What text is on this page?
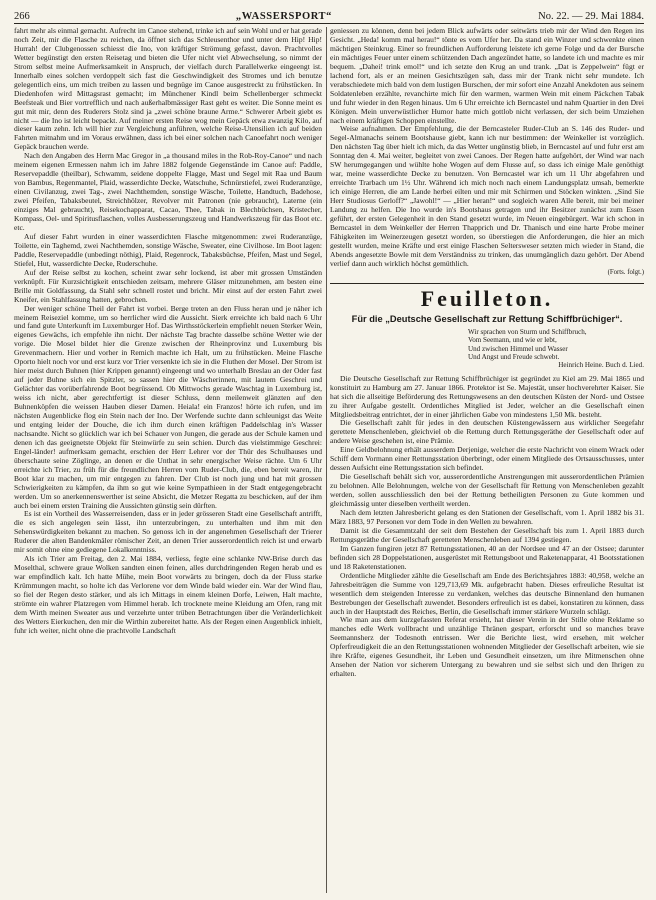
266	„WASSERSPORT“	No. 22. — 29. Mai 1884.

fahrt mehr als einmal gemacht. Aufrecht im Canoe stehend, trinke ich auf sein Wohl und er hat gerade noch Zeit, mir die Flasche zu reichen, da öffnet sich das Schleusenthor und unter dem Hip! Hip! Hurrah! der Clubgenossen schiesst die Ino, von kräftiger Strömung gefasst, davon. Prachtvolles Wetter begünstigt den ersten Reisetag und bieten die Ufer nicht viel Abwechselung, so nimmt der Strom selbst meine Aufmerksamkeit in Anspruch, der vielfach durch Parallelwerke eingeengt ist. Innerhalb eines solchen verdoppelt sich fast die Geschwindigkeit des Stromes und ich benutze gelegentlich eins, um mich treiben zu lassen und begnüge im Canoe ausgestreckt zu frühstücken. In Diedenhofen wird Mittagsrast gemacht; im Münchener Kindl beim Schellenberger schmeckt Beefsteak und Bier vortrefflich und nach außerhalbmässiger Rast geht es weiter. Die Sonne meint es gut mit mir, denn des Ruderers Stolz sind ja „zwei schöne braune Arme.“ Schwerer Arbeit giebt es nicht — die Ino ist leicht bepackt. Auf meiner ersten Reise wog mein Gepäck etwa zwanzig Kilo, auf dieser kaum zehn. Ich will hier zur Vergleichung anführen, welche Reise-Utensilien ich auf beiden Fahrten mitnahm und im Voraus erwähnen, dass ich bei einer solchen nach Canoefahrt noch weniger Gepäck brauchen werde.

Nach den Angaben des Herrn Mac Gregor in „a thousand miles in the Rob-Roy-Canoe“ und nach meinem eigenen Ermessen nahm ich im Jahre 1882 folgende Gegenstände im Canoe auf: Paddle, Reservepaddle (theilbar), Schwamm, seidene doppelte Flagge, Mast und Segel mit Raa und Baum von Bambus, Regenmantel, Plaid, wasserdichte Decke, Watschuhe, Schnürstiefel, zwei Ruderanzüge, einen Civilanzug, zwei Tag-, zwei Nachthemden, sonstige Wäsche, Toilette, Handtuch, Badehose, zwei Pfeifen, Tabaksbeutel, Streichhölzer, Revolver mit Patronen (nie gebraucht), Laterne (ein einziges Mal gebraucht), Reisekochapparat, Cacao, Thee, Tabak in Blechbüchsen, Kristecher, Kompass, Oel- und Spiritusflaschen, volles Ausbesserungszeug und Handwerkszeug für das Boot etc. etc.

Auf dieser Fahrt wurden in einer wasserdichten Flasche mitgenommen: zwei Ruderanzüge, Toilette, ein Taghemd, zwei Nachthemden, sonstige Wäsche, Sweater, eine Civilhose. Im Boot lagen: Paddle, Reservepaddle (unbedingt nöthig), Plaid, Regenrock, Tabaksbüchse, Pfeifen, Mast und Segel, Stiefel, Hut, wasserdichte Decke, Ruderschuhe.

Auf der Reise selbst zu kochen, scheint zwar sehr lockend, ist aber mit grossen Umständen verknüpft. Für Kurzsichtigkeit entschieden zeitsam, mehrere Gläser mitzunehmen, am besten eine Brille mit Goldfassung, da Stahl sehr schnell rostet und bricht. Mir einst auf der ersten Fahrt zwei Kneifer, ein Stahlfassung hatten, gebrochen.

Der weniger schöne Theil der Fahrt ist vorbei. Berge treten an den Fluss heran und je näher ich meinem Reiseziel komme, um so herrlicher wird die Aussicht. Sierk erreichte ich bald nach 6 Uhr und fand gute Unterkunft im Luxemburger Hof. Das Wirthsstöckerlein empfiehlt neuen Sterker Wein, eigenes Gewächs, ich empfehle ihn nicht. Der nächste Tag brachte dasselbe schöne Wetter wie der vorige. Die Mosel bildet hier die Grenze zwischen der Rheinprovinz und Luxemburg bis Grevenmachern. Hier und vorher in Remich machte ich Halt, um zu frühstücken. Meine Flasche Oporto hielt noch vor und erst kurz vor Trier versenkte ich sie in die Fluthen der Mosel. Der Strom ist hier meist durch Buhnen (hier Krippen genannt) eingeengt und wo unterhalb Breslau an der Oder fast auf jeder Buhne sich ein Spitzler, so sassen hier die Wäscherinnen, mit lautem Geschrei und Gelächter das vorüberfahrende Boot begrüssend. Ob Mittwochs gerade Waschtag in Luxemburg ist, weiss ich nicht, aber gerechtfertigt ist dieser Schluss, denn meilenweit glänzten auf den Buhnenköpfen die weissen Hauben dieser Damen. Heiala! ein Franzos! hörte ich rufen, und im nächsten Augenblicke flog ein Stein nach der Ino. Der Werfende suchte dann schleunigst das Weite und entging leider der Douche, die ich ihm durch einen kräftigen Paddelschlag in's Wasser nachsandte. Nicht so glücklich war ich bei Schauer von Jungen, die gerade aus der Schule kamen und denen ich das geeignetste Objekt für Steinwürfe zu sein schien. Durch das vielstimmige Geschrei: Engel-länder! aufmerksam gemacht, erschien der Herr Lehrer vor der Thür des Schulhauses und überschaute seine Zöglinge, an denen er die Unthat in sehr energischer Weise rächte. Um 6 Uhr erreichte ich Trier, zu früh für die freundlichen Herren vom Ruder-Club, die, eben bereit waren, ihr Boot klar zu machen, um mir entgegen zu fahren. Der Club ist noch jung und hat mit grossen Schwierigkeiten zu kämpfen, da ihm so gut wie keine Sympathieen in der Stadt entgegengebracht werden. Um so anerkennenswerther ist seine Absicht, die Metzer Regatta zu beschicken, auf der ihm auch bei einem ersten Training die Aussichten günstig sein dürften.

Es ist ein Vortheil des Wasserreisenden, dass er in jeder grösseren Stadt eine Gesellschaft antrifft, die es sich angelegen sein lässt, ihn unterzubringen, zu unterhalten und ihm mit den Sehenswürdigkeiten bekannt zu machen. So genoss ich in der angenehmen Gesellschaft der Trierer Ruderer die alten Bandenkmäler römischer Zeit, an denen Trier ausserordentlich reich ist und erwarb mir somit ohne eine gediegene Lokalkenntniss.

Als ich Trier am Freitag, den 2. Mai 1884, verliess, fegte eine schlanke NW-Brise durch das Moselthal, schwere graue Wolken sandten einen feinen, alles durchdringenden Regen herab und es war empfindlich kalt. Ich hatte Mühe, mein Boot vorwärts zu bringen, doch da der Fluss starke Krümmungen macht, so holte ich das Verlorene vor dem Winde bald wieder ein. War der Wind flau, so fiel der Regen desto stärker, und als ich Mittags in einem kleinen Dorfe, Leiwen, Halt machte, strömte ein wahrer Platzregen vom Himmel herab. Ich trocknete meine Kleidung am Ofen, rang mit dem Wirth meinen Sweater aus und verzehrte unter trüben Betrachtungen über die Veränderlichkeit des Wetters Eierkuchen, den mir die Wirthin zubereitet hatte. Als der Regen einen Augenblick inhielt, fuhr ich weiter, nicht ohne die prachtvolle Landschaft

geniessen zu können, denn bei jedem Blick aufwärts oder seitwärts trieb mir der Wind den Regen ins Gesicht. „Heda! komm mal herau!“ tönte es vom Ufer her. Da stand ein Winzer und schwenkte einen mächtigen Steinkrug. Einer so freundlichen Aufforderung leistete ich gerne Folge und da der Bursche ein mächtiges Feuer unter einem schützenden Dach angezündet hatte, so landete ich und machte es mir bequem. „Dahei! trink emol!“ und ich setzte den Krug an und trank. „Dat is Zeppelwein“ fügt er lachend fort, als er an meinen Gesichtszügen sah, dass mir der Trank nicht sehr mundete. Ich verabschiedete mich bald von dem lustigen Burschen, der mir sofort eine Anzahl Anekdoten aus seinem Soldatenleben erzählte, revanchirte mich für den warmen, warmen Wein mit einem Päckchen Tabak und fuhr wieder in den Regen hinaus. Um 6 Uhr erreichte ich Berncastel und nahm Quartier in den Drei Königen. Mein unverwüstlicher Humor hatte mich gottlob nicht verlassen, der sich beim Umziehen nach einem kräftigen Schoppen einstellte.

Weise aufnahmen. Der Empfehlung, die der Berncasteler Ruder-Club an S. 146 des Ruder- und Segel-Almanachs seinem Bootshause giebt, kann ich nur bestimmen: der Weinkeller ist vorzüglich. Den nächsten Tag über hielt ich mich, da das Wetter ungünstig blieb, in Berncastel auf und fuhr erst am Sonntag den 4. Mai weiter, begleitet von zwei Canoes. Der Regen hatte aufgehört, der Wind war nach SW herumgegangen und wühlte hohe Wogen auf dem Flusse auf, so dass ich einige Male genöthigt war, meine wasserdichte Decke zu benutzen. Von Berncastel war ich um 11 Uhr abgefahren und erreichte Trarbach um 1½ Uhr. Während ich mich noch nach einem Landungsplatz umsah, bemerkte ich einige Herren, die am Lande herbei eilten und mir mit Schirmen und Stöcken winkten. „Sind Sie Herr Studiosus Gerloff?“ „Jawohl!“ — „Hier heran!“ und sogleich waren Alle bereit, mir bei meiner Landung zu helfen. Die Ino wurde in's Bootshaus getragen und ihr Besitzer zunächst zum Essen geführt, der ersten Gelegenheit in den Stand gesetzt wurde, im Neuen eingebürgert. War ich schon in Berncastel in dem Weinkeller der Herren Thapprich und Dr. Thanisch und eine harte Probe meiner Fähigkeiten im Weinerzeugen gesetzt worden, so überstiegen die Anforderungen, die hier an mich gestellt wurden, meine Kräfte und erst einige Flaschen Seltersweser setzten mich wieder in Stand, die Abends angesetzte Bowle mit dem Verständniss zu trinken, das unumgänglich dazu gehört. Der Abend verlief dann auch wirklich höchst gemüthlich.

(Forts. folgt.)
Feuilleton.
Für die „Deutsche Gesellschaft zur Rettung Schiffbrüchiger“.
Wir sprachen von Sturm und Schiffbruch,
Vom Seemann, und wie er lebt,
Und zwischen Himmel und Wasser
Und Angst und Freude schwebt.
Heinrich Heine. Buch d. Lied.

Die Deutsche Gesellschaft zur Rettung Schiffbrüchiger ist gegründet zu Kiel am 29. Mai 1865 und konstituirt zu Hamburg am 27. Januar 1866. Protektor ist Se. Majestät, unser hochverehrter Kaiser. Sie hat sich die allseitige Beförderung des Rettungswesens an den deutschen Küsten der Nord- und Ostsee zu ihrer Aufgabe gestellt. Ordentliches Mitglied ist Jeder, welcher an die Gesellschaft einen Mitgliedsbeitrag entrichtet, der in einer jährlichen Gabe von mindestens 1,50 Mk. besteht.

Die Gesellschaft zahlt für jedes in den deutschen Küstengewässern aus wirklicher Seegefahr gerettete Menschenleben, gleichviel ob die Rettung durch Rettungsgeräthe der Gesellschaft oder auf andere Weise geschehen ist, eine Prämie.

Eine Geldbelohnung erhält ausserdem Derjenige, welcher die erste Nachricht von einem Wrack oder Schiff dem Vormann einer Rettungsstation überbringt, oder einem Mitgliede des Ortsausschusses, unter dessen Aufsicht eine Rettungsstation sich befindet.

Die Gesellschaft behält sich vor, ausserordentliche Anstrengungen mit ausserordentlichen Prämien zu belohnen. Alle Belohnungen, welche von der Gesellschaft für Rettung von Menschenleben gezahlt werden, sollen ausschliesslich den bei der Rettung betheiligten Personen zu Gute kommen und gleichmässig unter dieselben vertheilt werden.

Nach dem letzten Jahresbericht gelang es den Stationen der Gesellschaft, vom 1. April 1882 bis 31. März 1883, 97 Personen vor dem Tode in den Wellen zu bewahren.

Damit ist die Gesammtzahl der seit dem Bestehen der Gesellschaft bis zum 1. April 1883 durch Rettungsgeräthe der Gesellschaft geretteten Menschenleben auf 1394 gestiegen.

Im Ganzen fungiren jetzt 87 Rettungsstationen, 40 an der Nordsee und 47 an der Ostsee; darunter befinden sich 28 Doppelstationen, ausgerüstet mit Rettungsboot und Raketenapparat, 41 Bootsstationen und 18 Raketenstationen.

Ordentliche Mitglieder zählte die Gesellschaft am Ende des Berichtsjahres 1883: 40,958, welche an Jahresbeiträgen die Summe von 129,713,69 Mk. aufgebracht haben. Dieses erfreuliche Resultat ist wesentlich dem steigenden Interesse zu verdanken, welches das deutsche Binnenland den humanen Bestrebungen der Gesellschaft zuwendet. Besonders erfreulich ist es dabei, konstatiren zu können, dass auch in der Hauptstadt des Reiches, Berlin, die Gesellschaft immer stärkere Wurzeln schlägt.

Wie man aus dem kurzgefassten Referat ersieht, hat dieser Verein in der Stille ohne Reklame so manches edle Werk vollbracht und unzählige Thränen gespart, erforscht und so manches brave Seemannsherz der Todesnoth entrissen. Wer die Berichte liest, wird ersehen, mit welcher Opferfreudigkeit die an den Rettungsstationen wohnenden Mitglieder der Gesellschaft arbeiten, wie sie ihre Kräfte, eigenes Gesundheit, ihr Leben und Gesundheit einsetzen, um ihre Mitmenschen ohne Ansehen der Nation vor sicherem Untergang zu bewahren und sie selbst sich und den Ihrigen zu erhalten.
